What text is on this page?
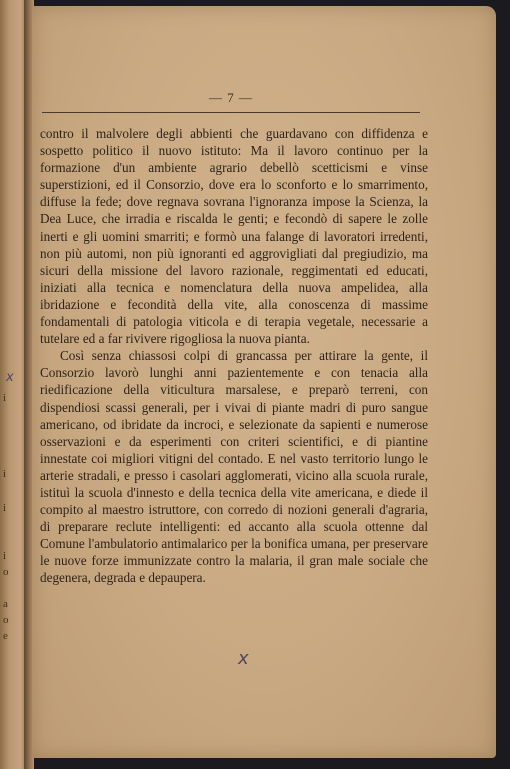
i
i
i
i
o
a
o
e
— 7 —

contro il malvolere degli abbienti che guardavano con diffidenza e sospetto politico il nuovo istituto: Ma il lavoro continuo per la formazione d'un ambiente agrario debellò scetticismi e vinse superstizioni, ed il Consorzio, dove era lo sconforto e lo smarrimento, diffuse la fede; dove regnava sovrana l'ignoranza impose la Scienza, la Dea Luce, che irradia e riscalda le genti; e fecondò di sapere le zolle inerti e gli uomini smarriti; e formò una falange di lavoratori irredenti, non più automi, non più ignoranti ed aggrovigliati dal pregiudizio, ma sicuri della missione del lavoro razionale, reggimentati ed educati, iniziati alla tecnica e nomenclatura della nuova ampelidea, alla ibridazione e fecondità della vite, alla conoscenza di massime fondamentali di patologia viticola e di terapia vegetale, necessarie a tutelare ed a far rivivere rigogliosa la nuova pianta.

Così senza chiassosi colpi di grancassa per attirare la gente, il Consorzio lavorò lunghi anni pazientemente e con tenacia alla riedificazione della viticultura marsalese, e preparò terreni, con dispendiosi scassi generali, per i vivai di piante madri di puro sangue americano, od ibridate da incroci, e selezionate da sapienti e numerose osservazioni e da esperimenti con criteri scientifici, e di piantine innestate coi migliori vitigni del contado. E nel vasto territorio lungo le arterie stradali, e presso i casolari agglomerati, vicino alla scuola rurale, istituì la scuola d'innesto e della tecnica della vite americana, e diede il compito al maestro istruttore, con corredo di nozioni generali d'agraria, di preparare reclute intelligenti: ed accanto alla scuola ottenne dal Comune l'ambulatorio antimalarico per la bonifica umana, per preservare le nuove forze immunizzate contro la malaria, il gran male sociale che degenera, degrada e depaupera.

x
x
